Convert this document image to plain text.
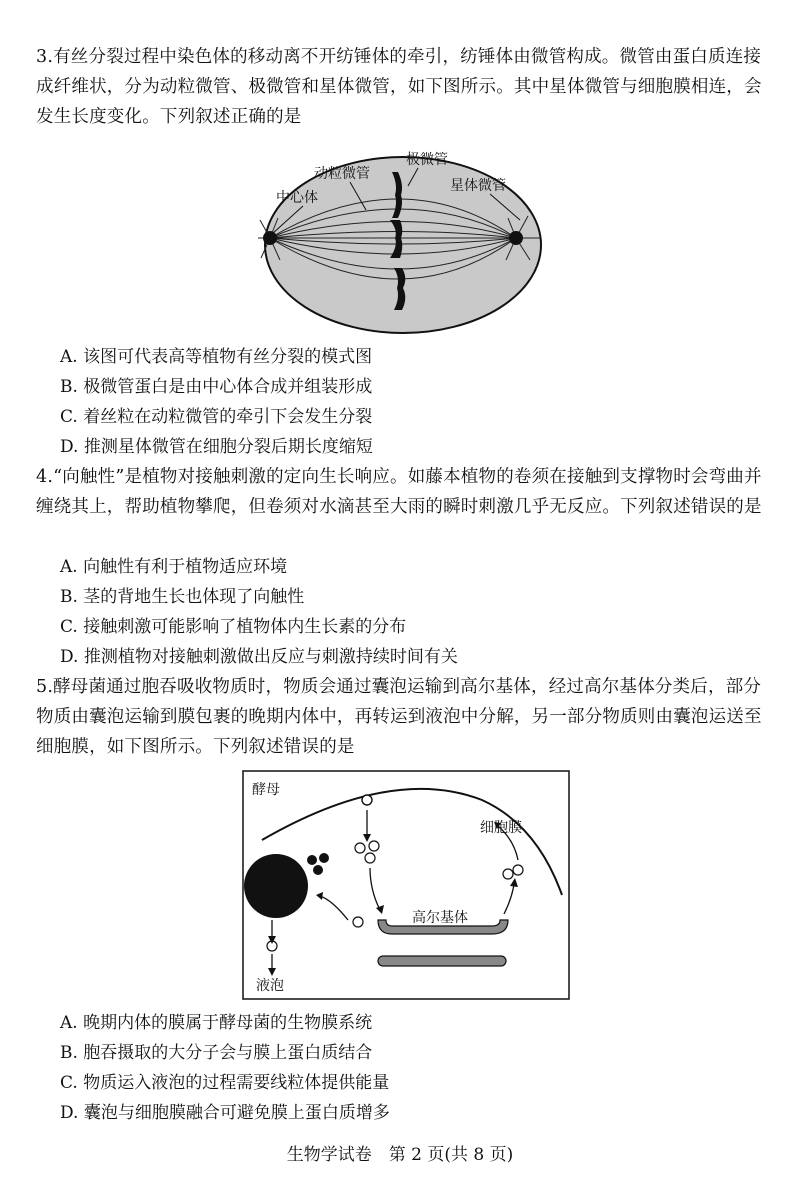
3.有丝分裂过程中染色体的移动离不开纺锤体的牵引，纺锤体由微管构成。微管由蛋白质连接成纤维状，分为动粒微管、极微管和星体微管，如下图所示。其中星体微管与细胞膜相连，会发生长度变化。下列叙述正确的是
中心体
动粒微管
极微管
星体微管
A. 该图可代表高等植物有丝分裂的模式图
B. 极微管蛋白是由中心体合成并组装形成
C. 着丝粒在动粒微管的牵引下会发生分裂
D. 推测星体微管在细胞分裂后期长度缩短
4.“向触性”是植物对接触刺激的定向生长响应。如藤本植物的卷须在接触到支撑物时会弯曲并缠绕其上，帮助植物攀爬，但卷须对水滴甚至大雨的瞬时刺激几乎无反应。下列叙述错误的是
A. 向触性有利于植物适应环境
B. 茎的背地生长也体现了向触性
C. 接触刺激可能影响了植物体内生长素的分布
D. 推测植物对接触刺激做出反应与刺激持续时间有关
5.酵母菌通过胞吞吸收物质时，物质会通过囊泡运输到高尔基体，经过高尔基体分类后，部分物质由囊泡运输到膜包裹的晚期内体中，再转运到液泡中分解，另一部分物质则由囊泡运送至细胞膜，如下图所示。下列叙述错误的是
酵母
细胞膜
高尔基体
液泡
A. 晚期内体的膜属于酵母菌的生物膜系统
B. 胞吞摄取的大分子会与膜上蛋白质结合
C. 物质运入液泡的过程需要线粒体提供能量
D. 囊泡与细胞膜融合可避免膜上蛋白质增多
生物学试卷　第 2 页(共 8 页)
